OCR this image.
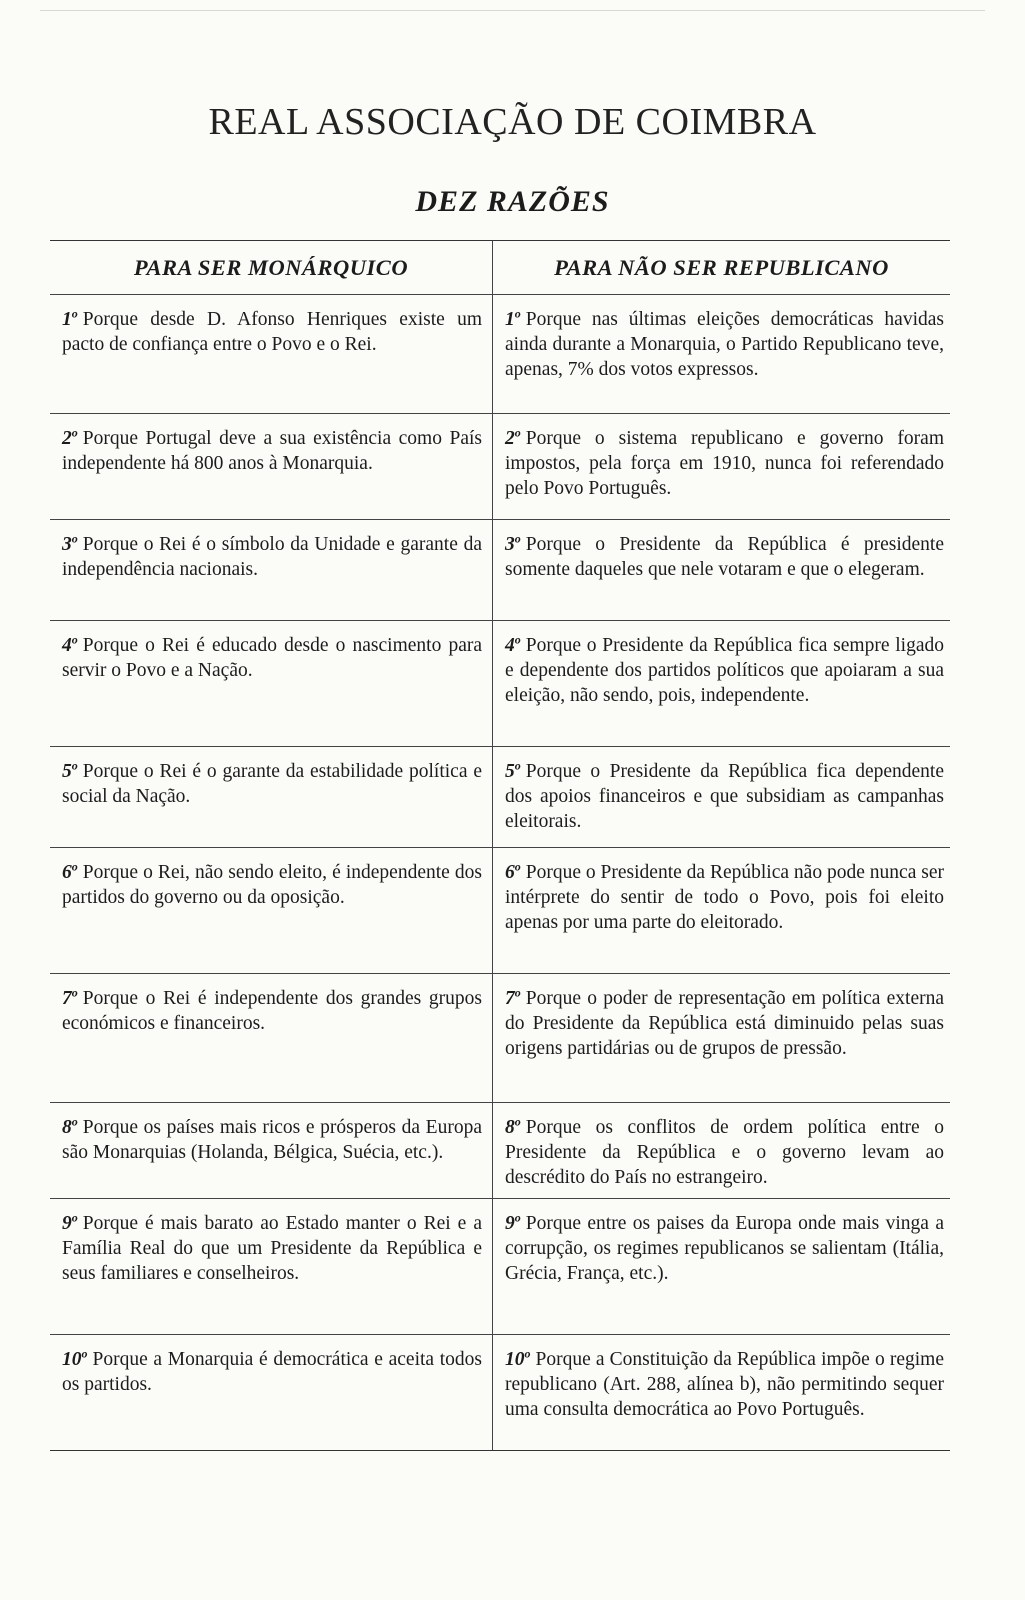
REAL ASSOCIAÇÃO DE COIMBRA
DEZ RAZÕES
PARA SER MONÁRQUICO	PARA NÃO SER REPUBLICANO
1$^o$ Porque desde D. Afonso Henriques existe um pacto de confiança entre o Povo e o Rei.
1$^o$ Porque nas últimas eleições democráticas havidas ainda durante a Monarquia, o Partido Republicano teve, apenas, 7% dos votos expressos.
2$^o$ Porque Portugal deve a sua existência como País independente há 800 anos à Monarquia.
2$^o$ Porque o sistema republicano e governo foram impostos, pela força em 1910, nunca foi referendado pelo Povo Português.
3$^o$ Porque o Rei é o símbolo da Unidade e garante da independência nacionais.
3$^o$ Porque o Presidente da República é presidente somente daqueles que nele votaram e que o elegeram.
4$^o$ Porque o Rei é educado desde o nascimento para servir o Povo e a Nação.
4$^o$ Porque o Presidente da República fica sempre ligado e dependente dos partidos políticos que apoiaram a sua eleição, não sendo, pois, independente.
5$^o$ Porque o Rei é o garante da estabilidade política e social da Nação.
5$^o$ Porque o Presidente da República fica dependente dos apoios financeiros e que subsidiam as campanhas eleitorais.
6$^o$ Porque o Rei, não sendo eleito, é independente dos partidos do governo ou da oposição.
6$^o$ Porque o Presidente da República não pode nunca ser intérprete do sentir de todo o Povo, pois foi eleito apenas por uma parte do eleitorado.
7$^o$ Porque o Rei é independente dos grandes grupos económicos e financeiros.
7$^o$ Porque o poder de representação em política externa do Presidente da República está diminuido pelas suas origens partidárias ou de grupos de pressão.
8$^o$ Porque os países mais ricos e prósperos da Europa são Monarquias (Holanda, Bélgica, Suécia, etc.).
8$^o$ Porque os conflitos de ordem política entre o Presidente da República e o governo levam ao descrédito do País no estrangeiro.
9$^o$ Porque é mais barato ao Estado manter o Rei e a Família Real do que um Presidente da República e seus familiares e conselheiros.
9$^o$ Porque entre os paises da Europa onde mais vinga a corrupção, os regimes republicanos se salientam (Itália, Grécia, França, etc.).
10$^o$ Porque a Monarquia é democrática e aceita todos os partidos.
10$^o$ Porque a Constituição da República impõe o regime republicano (Art. 288, alínea b), não permitindo sequer uma consulta democrática ao Povo Português.
